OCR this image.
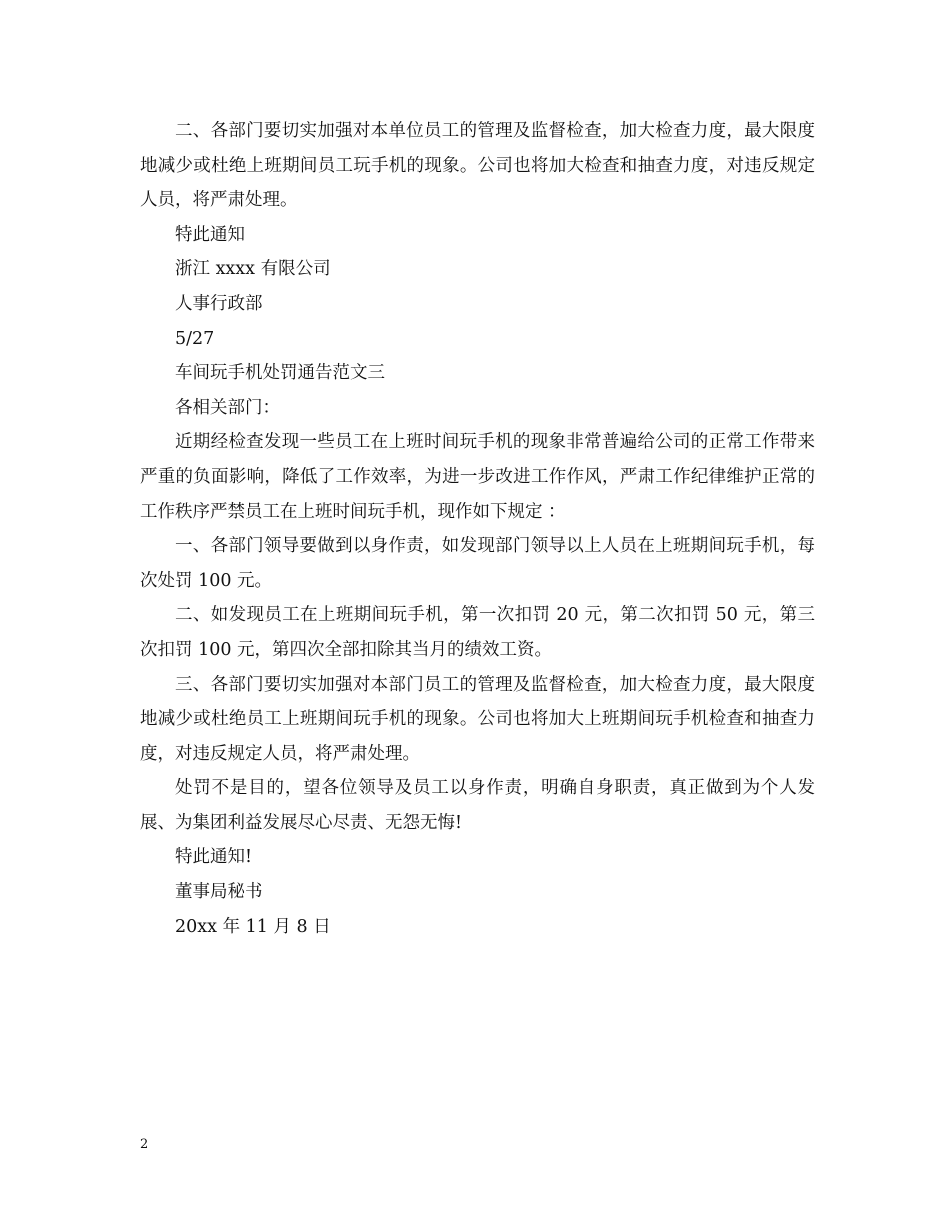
二、各部门要切实加强对本单位员工的管理及监督检查，加大检查力度，最大限度地减少或杜绝上班期间员工玩手机的现象。公司也将加大检查和抽查力度，对违反规定人员，将严肃处理。

特此通知

浙江 xxxx 有限公司

人事行政部

5/27

车间玩手机处罚通告范文三

各相关部门：

近期经检查发现一些员工在上班时间玩手机的现象非常普遍给公司的正常工作带来严重的负面影响，降低了工作效率，为进一步改进工作作风，严肃工作纪律维护正常的工作秩序严禁员工在上班时间玩手机，现作如下规定 ：

一、各部门领导要做到以身作责，如发现部门领导以上人员在上班期间玩手机，每次处罚 100 元。

二、如发现员工在上班期间玩手机，第一次扣罚 20 元，第二次扣罚 50 元，第三次扣罚 100 元，第四次全部扣除其当月的绩效工资。

三、各部门要切实加强对本部门员工的管理及监督检查，加大检查力度，最大限度地减少或杜绝员工上班期间玩手机的现象。公司也将加大上班期间玩手机检查和抽查力度，对违反规定人员，将严肃处理。

处罚不是目的，望各位领导及员工以身作责，明确自身职责，真正做到为个人发展、为集团利益发展尽心尽责、无怨无悔!

特此通知!

董事局秘书

20xx 年 11 月 8 日

2
